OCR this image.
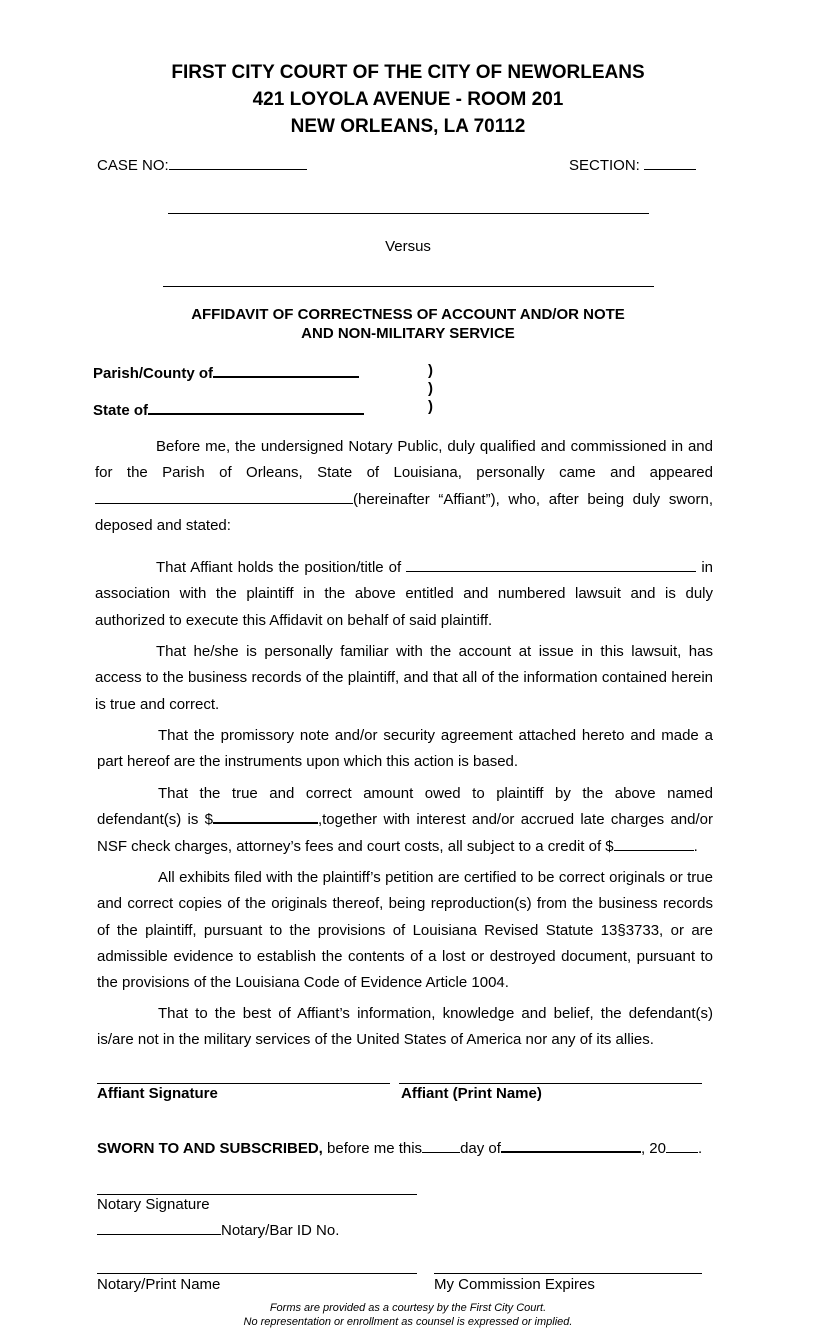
FIRST CITY COURT OF THE CITY OF NEWORLEANS
421 LOYOLA AVENUE - ROOM 201
NEW ORLEANS, LA 70112
CASE NO:	SECTION:
Versus
AFFIDAVIT OF CORRECTNESS OF ACCOUNT AND/OR NOTE
AND NON-MILITARY SERVICE
Parish/County of
State of
)
)
)

Before me, the undersigned Notary Public, duly qualified and commissioned in and for the Parish of Orleans, State of Louisiana, personally came and appeared (hereinafter “Affiant”), who, after being duly sworn, deposed and stated:

That Affiant holds the position/title of	in association with the plaintiff in the above entitled and numbered lawsuit and is duly authorized to execute this Affidavit on behalf of said plaintiff.

That he/she is personally familiar with the account at issue in this lawsuit, has access to the business records of the plaintiff, and that all of the information contained herein is true and correct.

That the promissory note and/or security agreement attached hereto and made a part hereof are the instruments upon which this action is based.

That the true and correct amount owed to plaintiff by the above named defendant(s) is $	,together with interest and/or accrued late charges and/or NSF check charges, attorney’s fees and court costs, all subject to a credit of $	.

All exhibits filed with the plaintiff’s petition are certified to be correct originals or true and correct copies of the originals thereof, being reproduction(s) from the business records of the plaintiff, pursuant to the provisions of Louisiana Revised Statute 13§3733, or are admissible evidence to establish the contents of a lost or destroyed document, pursuant to the provisions of the Louisiana Code of Evidence Article 1004.

That to the best of Affiant’s information, knowledge and belief, the defendant(s) is/are not in the military services of the United States of America nor any of its allies.

Affiant Signature	Affiant (Print Name)
SWORN TO AND SUBSCRIBED, before me this	day of	, 20 .
Notary Signature
Notary/Bar ID No.
Notary/Print Name	My Commission Expires
Forms are provided as a courtesy by the First City Court.
No representation or enrollment as counsel is expressed or implied.
